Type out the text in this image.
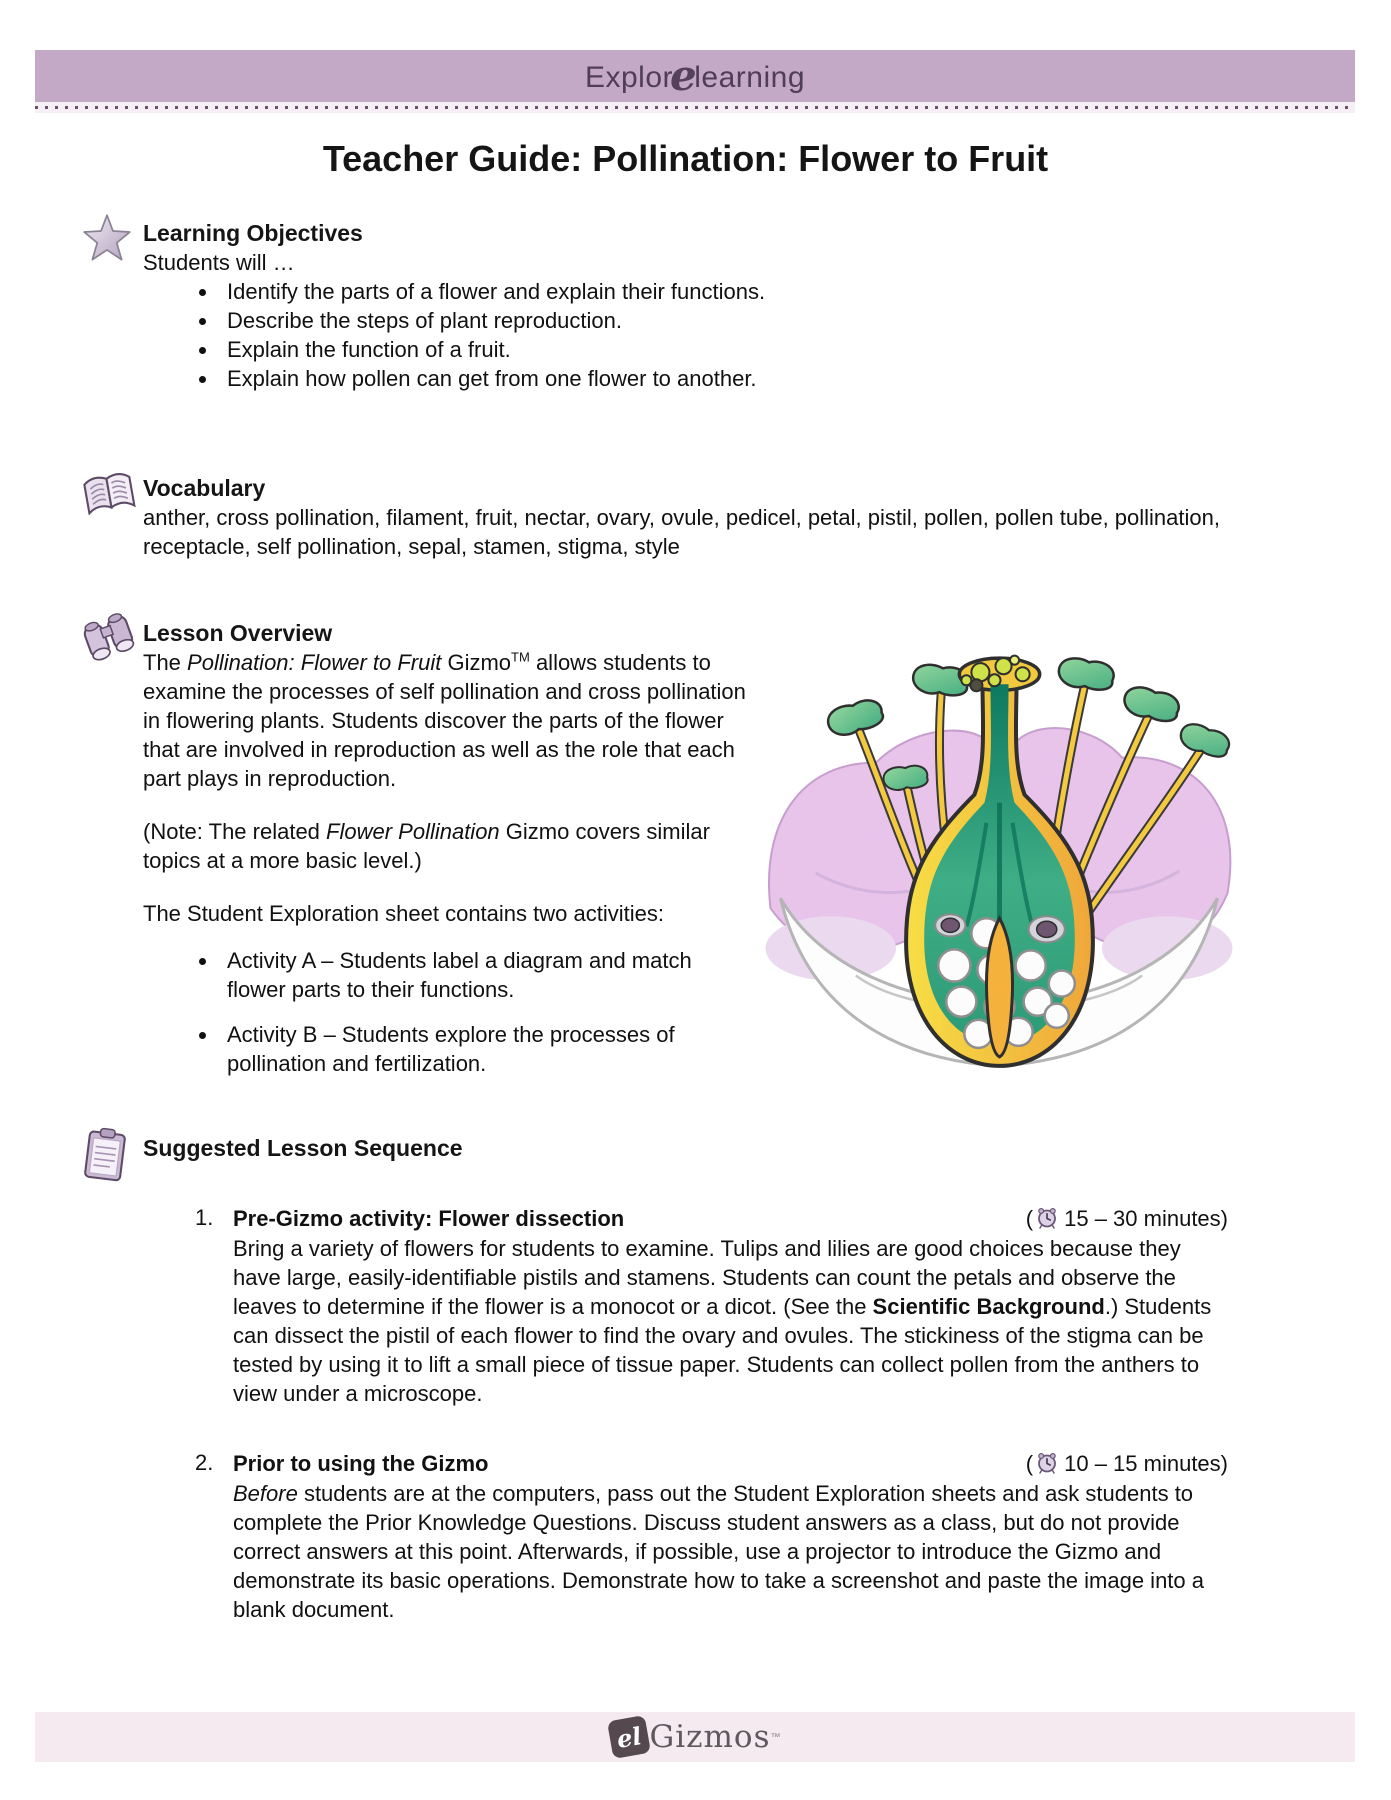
Explor
e
learning
Teacher Guide: Pollination: Flower to Fruit
Learning Objectives

Students will …

• Identify the parts of a flower and explain their functions.
• Describe the steps of plant reproduction.
• Explain the function of a fruit.
• Explain how pollen can get from one flower to another.
Vocabulary

anther, cross pollination, filament, fruit, nectar, ovary, ovule, pedicel, petal, pistil, pollen, pollen tube, pollination, receptacle, self pollination, sepal, stamen, stigma, style

Lesson Overview

The Pollination: Flower to Fruit Gizmo™ allows students to examine the processes of self pollination and cross pollination in flowering plants. Students discover the parts of the flower that are involved in reproduction as well as the role that each part plays in reproduction.

(Note: The related Flower Pollination Gizmo covers similar topics at a more basic level.)

The Student Exploration sheet contains two activities:

• Activity A – Students label a diagram and match flower parts to their functions.
• Activity B – Students explore the processes of pollination and fertilization.
Suggested Lesson Sequence
1. Pre-Gizmo activity: Flower dissection	( 15 – 30 minutes )

Bring a variety of flowers for students to examine. Tulips and lilies are good choices because they have large, easily-identifiable pistils and stamens. Students can count the petals and observe the leaves to determine if the flower is a monocot or a dicot. (See the Scientific Background.) Students can dissect the pistil of each flower to find the ovary and ovules. The stickiness of the stigma can be tested by using it to lift a small piece of tissue paper. Students can collect pollen from the anthers to view under a microscope.

2. Prior to using the Gizmo	( 10 – 15 minutes )

Before students are at the computers, pass out the Student Exploration sheets and ask students to complete the Prior Knowledge Questions. Discuss student answers as a class, but do not provide correct answers at this point. Afterwards, if possible, use a projector to introduce the Gizmo and demonstrate its basic operations. Demonstrate how to take a screenshot and paste the image into a blank document.

el Gizmos ™
